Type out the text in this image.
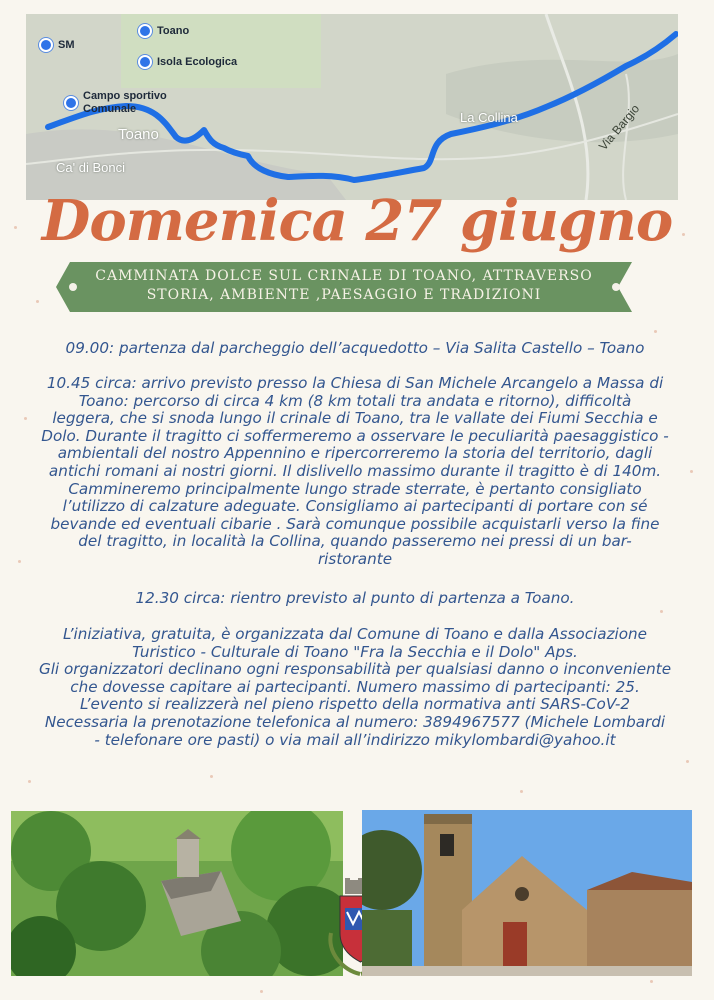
SM
Toano
Isola Ecologica
Campo sportivo
Comunale
Toano
Ca' di Bonci
La Collina	Via Bargio
Domenica 27 giugno
CAMMINATA DOLCE SUL CRINALE DI TOANO, ATTRAVERSO
STORIA, AMBIENTE ,PAESAGGIO E TRADIZIONI
09.00: partenza dal parcheggio dell’acquedotto – Via Salita Castello – Toano
10.45 circa: arrivo previsto presso la Chiesa di San Michele Arcangelo a Massa di
Toano: percorso di circa 4 km (8 km totali tra andata e ritorno), difficoltà
leggera, che si snoda lungo il crinale di Toano, tra le vallate dei Fiumi Secchia e
Dolo. Durante il tragitto ci soffermeremo a osservare le peculiarità paesaggistico -
ambientali del nostro Appennino e ripercorreremo la storia del territorio, dagli
antichi romani ai nostri giorni. Il dislivello massimo durante il tragitto è di 140m.
Cammineremo principalmente lungo strade sterrate, è pertanto consigliato
l’utilizzo di calzature adeguate. Consigliamo ai partecipanti di portare con sé
bevande ed eventuali cibarie . Sarà comunque possibile acquistarli verso la fine
del tragitto, in località la Collina, quando passeremo nei pressi di un bar-
ristorante
12.30 circa: rientro previsto al punto di partenza a Toano.
L’iniziativa, gratuita, è organizzata dal Comune di Toano e dalla Associazione
Turistico - Culturale di Toano "Fra la Secchia e il Dolo" Aps.
Gli organizzatori declinano ogni responsabilità per qualsiasi danno o inconveniente
che dovesse capitare ai partecipanti. Numero massimo di partecipanti: 25.
L’evento si realizzerà nel pieno rispetto della normativa anti SARS-CoV-2
Necessaria la prenotazione telefonica al numero: 3894967577 (Michele Lombardi
- telefonare ore pasti) o via mail all’indirizzo mikylombardi@yahoo.it
